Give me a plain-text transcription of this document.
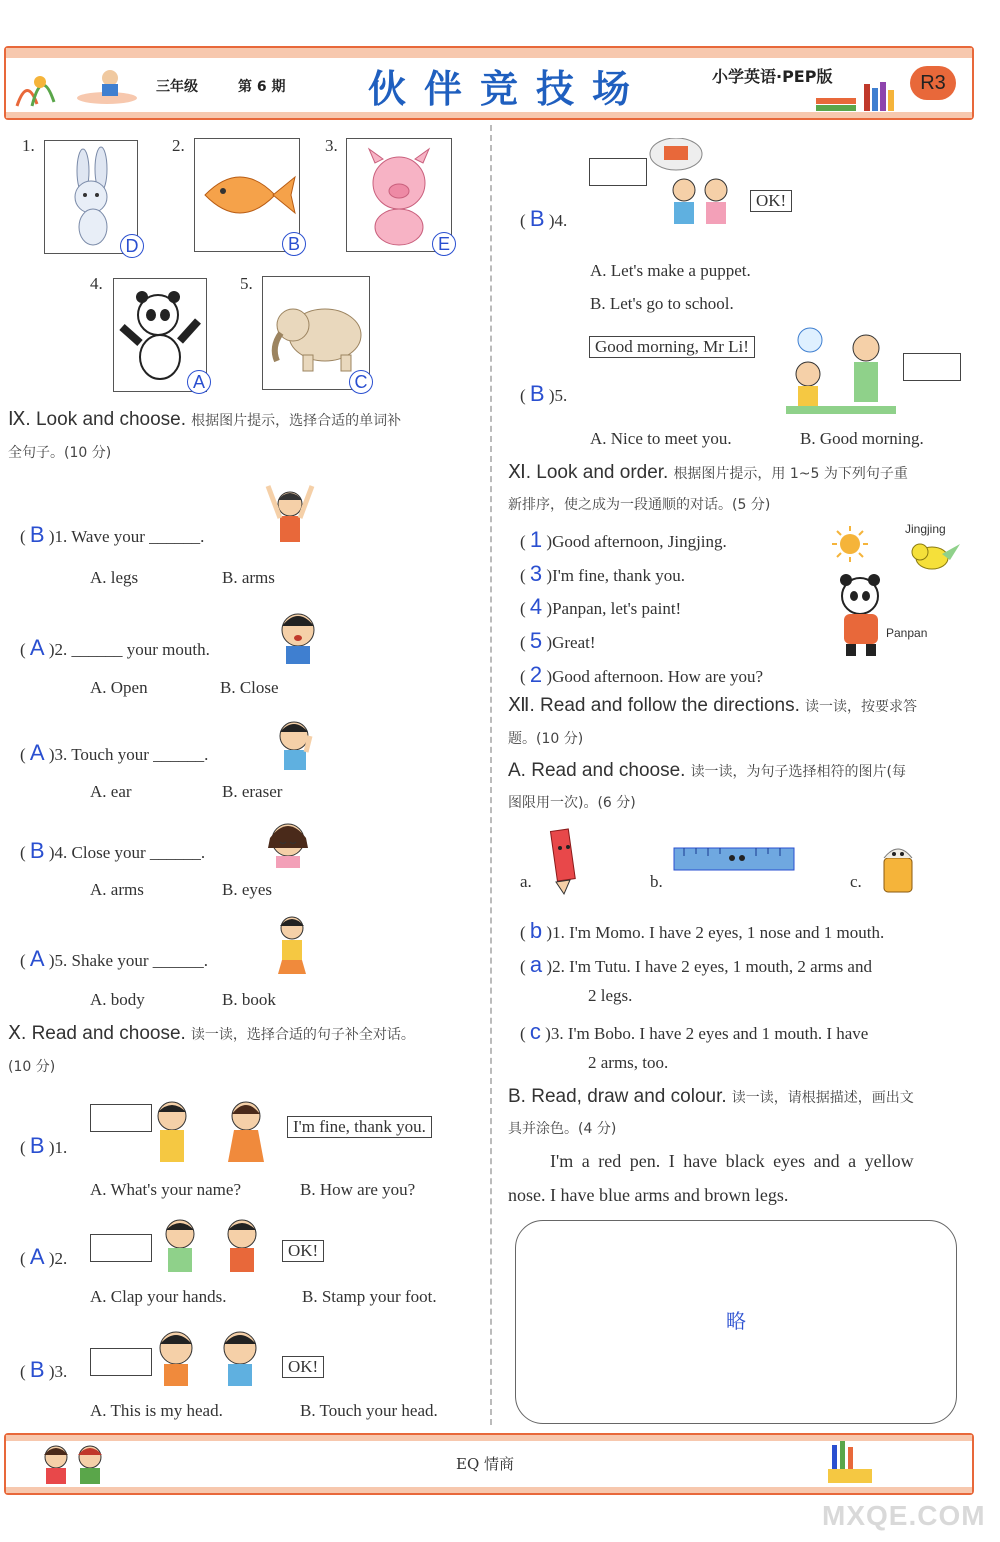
三年级	第 6 期 伙伴竞技场	小学英语·PEP版	R3
1.
D
2.
B
3.
E
4.
A
5.
C
Ⅸ. Look and choose. 根据图片提示，选择合适的单词补
全句子。(10 分)
( B )1. Wave your ______.
A. legs	B. arms
( A )2. ______ your mouth.
A. Open	B. Close
( A )3. Touch your ______.
A. ear	B. eraser
( B )4. Close your ______.
A. arms	B. eyes
( A )5. Shake your ______.
A. body	B. book
Ⅹ. Read and choose. 读一读，选择合适的句子补全对话。
(10 分)
( B )1.
I'm fine, thank you.
A. What's your name?	B. How are you?
( A )2.	OK!
A. Clap your hands.	B. Stamp your foot.
( B )3.	OK!
A. This is my head.	B. Touch your head.
OK!
( B )4.
A. Let's make a puppet.
B. Let's go to school.
Good morning, Mr Li!
( B )5.
A. Nice to meet you.	B. Good morning.
Ⅺ. Look and order. 根据图片提示，用 1~5 为下列句子重
新排序，使之成为一段通顺的对话。(5 分)
( 1 )Good afternoon, Jingjing.
( 3 )I'm fine, thank you.
( 4 )Panpan, let's paint!
( 5 )Great!
( 2 )Good afternoon. How are you?
Jingjing
Panpan
Ⅻ. Read and follow the directions. 读一读，按要求答
题。(10 分)
A. Read and choose. 读一读，为句子选择相符的图片(每
图限用一次)。(6 分)
a.	b.	c.
( b )1. I'm Momo. I have 2 eyes, 1 nose and 1 mouth.
( a )2. I'm Tutu. I have 2 eyes, 1 mouth, 2 arms and
2 legs.
( c )3. I'm Bobo. I have 2 eyes and 1 mouth. I have
2 arms, too.
B. Read, draw and colour. 读一读，请根据描述，画出文
具并涂色。(4 分)
I'm a red pen. I have black eyes and a yellow
nose. I have blue arms and brown legs.
略
EQ 情商
MXQE.COM
